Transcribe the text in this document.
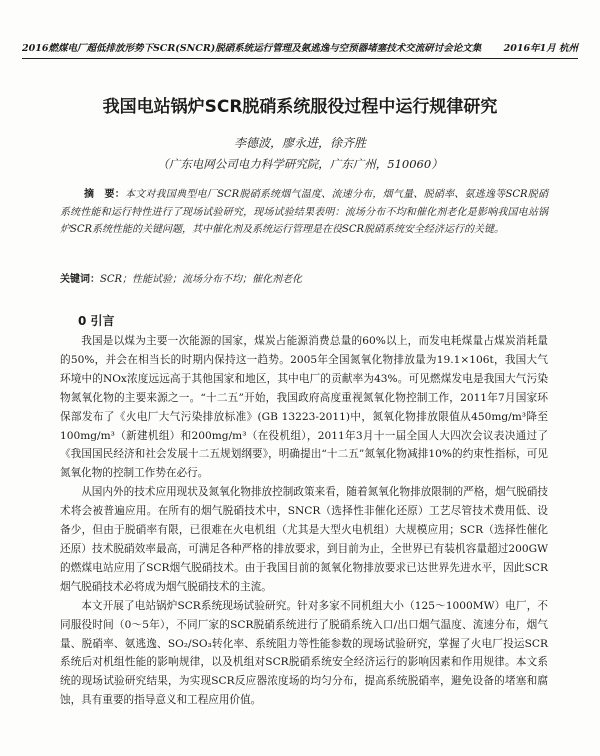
2016燃煤电厂超低排放形势下SCR(SNCR)脱硝系统运行管理及氨逃逸与空预器堵塞技术交流研讨会论文集 2016年1月 杭州
我国电站锅炉SCR脱硝系统服役过程中运行规律研究
李德波，廖永进，徐齐胜
（广东电网公司电力科学研究院，广东广州，510060）
摘　要：本文对我国典型电厂SCR脱硝系统烟气温度、流速分布，烟气量、脱硝率、氨逃逸等SCR脱硝系统性能和运行特性进行了现场试验研究，现场试验结果表明：流场分布不均和催化剂老化是影响我国电站锅炉SCR系统性能的关键问题，其中催化剂及系统运行管理是在役SCR脱硝系统安全经济运行的关键。
关键词：SCR；性能试验；流场分布不均；催化剂老化
0 引言

我国是以煤为主要一次能源的国家，煤炭占能源消费总量的60%以上，而发电耗煤量占煤炭消耗量的50%，并会在相当长的时期内保持这一趋势。2005年全国氮氧化物排放量为19.1×106t，我国大气环境中的NOx浓度远远高于其他国家和地区，其中电厂的贡献率为43%。可见燃煤发电是我国大气污染物氮氧化物的主要来源之一。“十二五”开始，我国政府高度重视氮氧化物控制工作，2011年7月国家环保部发布了《火电厂大气污染排放标准》(GB 13223-2011)中，氮氧化物排放限值从450mg/m³降至100mg/m³（新建机组）和200mg/m³（在役机组），2011年3月十一届全国人大四次会议表决通过了《我国国民经济和社会发展十二五规划纲要》，明确提出“十二五”氮氧化物减排10%的约束性指标，可见氮氧化物的控制工作势在必行。

从国内外的技术应用现状及氮氧化物排放控制政策来看，随着氮氧化物排放限制的严格，烟气脱硝技术将会被普遍应用。在所有的烟气脱硝技术中，SNCR（选择性非催化还原）工艺尽管技术费用低、设备少，但由于脱硝率有限，已很难在火电机组（尤其是大型火电机组）大规模应用；SCR（选择性催化还原）技术脱硝效率最高，可满足各种严格的排放要求，到目前为止，全世界已有装机容量超过200GW的燃煤电站应用了SCR烟气脱硝技术。由于我国目前的氮氧化物排放要求已达世界先进水平，因此SCR烟气脱硝技术必将成为烟气脱硝技术的主流。

本文开展了电站锅炉SCR系统现场试验研究。针对多家不同机组大小（125～1000MW）电厂，不同服役时间（0～5年），不同厂家的SCR脱硝系统进行了脱硝系统入口/出口烟气温度、流速分布，烟气量、脱硝率、氨逃逸、SO₂/SO₃转化率、系统阻力等性能参数的现场试验研究，掌握了火电厂投运SCR系统后对机组性能的影响规律，以及机组对SCR脱硝系统安全经济运行的影响因素和作用规律。本文系统的现场试验研究结果，为实现SCR反应器浓度场的均匀分布，提高系统脱硝率，避免设备的堵塞和腐蚀，具有重要的指导意义和工程应用价值。
